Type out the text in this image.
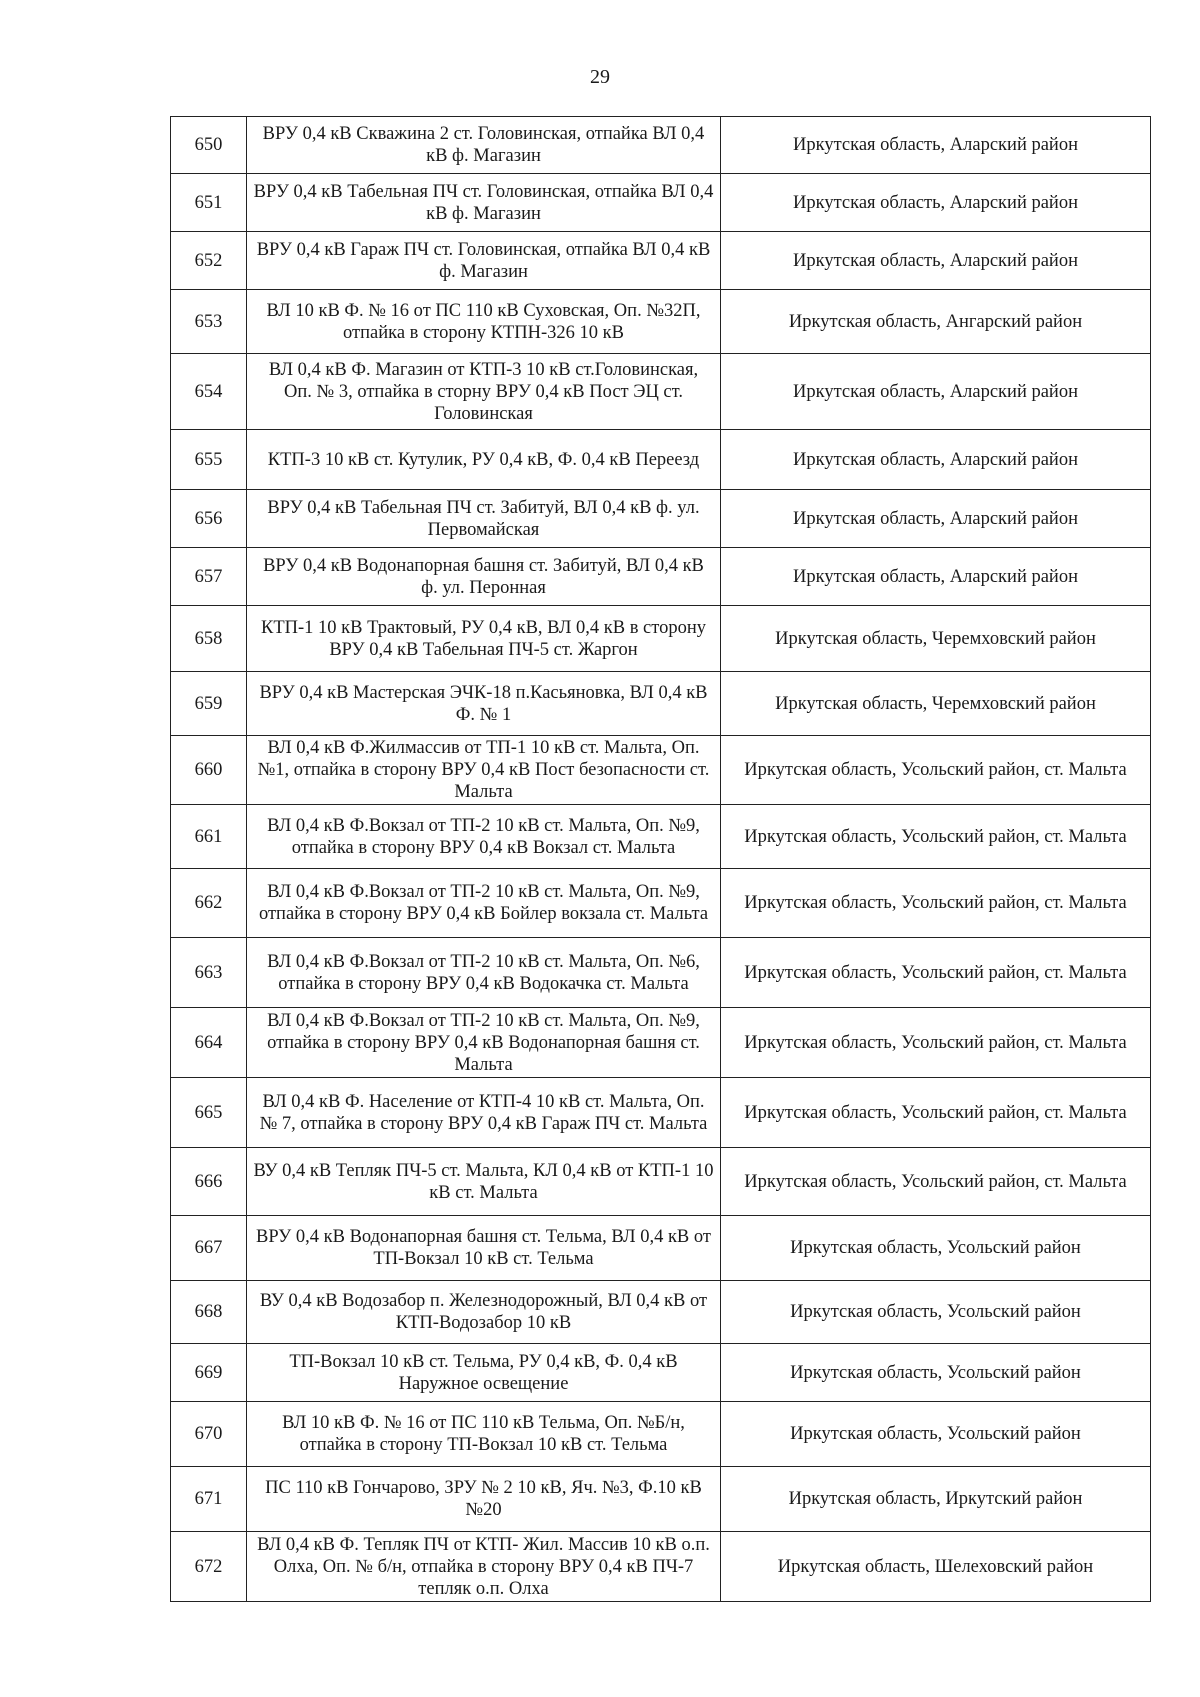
29
650	ВРУ 0,4 кВ Скважина 2 ст. Головинская, отпайка ВЛ 0,4 кВ ф. Магазин	Иркутская область, Аларский район
651	ВРУ 0,4 кВ Табельная ПЧ ст. Головинская, отпайка ВЛ 0,4 кВ ф. Магазин	Иркутская область, Аларский район
652	ВРУ 0,4 кВ Гараж ПЧ ст. Головинская, отпайка ВЛ 0,4 кВ ф. Магазин	Иркутская область, Аларский район
653	ВЛ 10 кВ Ф. № 16 от ПС 110 кВ Суховская, Оп. №32П, отпайка в сторону КТПН-326 10 кВ	Иркутская область, Ангарский район
654	ВЛ 0,4 кВ Ф. Магазин от КТП-3 10 кВ ст.Головинская, Оп. № 3, отпайка в сторну ВРУ 0,4 кВ Пост ЭЦ ст. Головинская	Иркутская область, Аларский район
655	КТП-3 10 кВ ст. Кутулик, РУ 0,4 кВ, Ф. 0,4 кВ Переезд	Иркутская область, Аларский район
656	ВРУ 0,4 кВ Табельная ПЧ ст. Забитуй, ВЛ 0,4 кВ ф. ул. Первомайская	Иркутская область, Аларский район
657	ВРУ 0,4 кВ Водонапорная башня ст. Забитуй, ВЛ 0,4 кВ ф. ул. Перонная	Иркутская область, Аларский район
658	КТП-1 10 кВ Трактовый, РУ 0,4 кВ, ВЛ 0,4 кВ в сторону ВРУ 0,4 кВ Табельная ПЧ-5 ст. Жаргон	Иркутская область, Черемховский район
659	ВРУ 0,4 кВ Мастерская ЭЧК-18 п.Касьяновка, ВЛ 0,4 кВ Ф. № 1	Иркутская область, Черемховский район
660	ВЛ 0,4 кВ Ф.Жилмассив от ТП-1 10 кВ ст. Мальта, Оп. №1, отпайка в сторону ВРУ 0,4 кВ Пост безопасности ст. Мальта	Иркутская область, Усольский район, ст. Мальта
661	ВЛ 0,4 кВ Ф.Вокзал от ТП-2 10 кВ ст. Мальта, Оп. №9, отпайка в сторону ВРУ 0,4 кВ Вокзал ст. Мальта	Иркутская область, Усольский район, ст. Мальта
662	ВЛ 0,4 кВ Ф.Вокзал от ТП-2 10 кВ ст. Мальта, Оп. №9, отпайка в сторону ВРУ 0,4 кВ Бойлер вокзала ст. Мальта	Иркутская область, Усольский район, ст. Мальта
663	ВЛ 0,4 кВ Ф.Вокзал от ТП-2 10 кВ ст. Мальта, Оп. №6, отпайка в сторону ВРУ 0,4 кВ Водокачка ст. Мальта	Иркутская область, Усольский район, ст. Мальта
664	ВЛ 0,4 кВ Ф.Вокзал от ТП-2 10 кВ ст. Мальта, Оп. №9, отпайка в сторону ВРУ 0,4 кВ Водонапорная башня ст. Мальта	Иркутская область, Усольский район, ст. Мальта
665	ВЛ 0,4 кВ Ф. Население от КТП-4 10 кВ ст. Мальта, Оп. № 7, отпайка в сторону ВРУ 0,4 кВ Гараж ПЧ ст. Мальта	Иркутская область, Усольский район, ст. Мальта
666	ВУ 0,4 кВ Тепляк ПЧ-5 ст. Мальта, КЛ 0,4 кВ от КТП-1 10 кВ ст. Мальта	Иркутская область, Усольский район, ст. Мальта
667	ВРУ 0,4 кВ Водонапорная башня ст. Тельма, ВЛ 0,4 кВ от ТП-Вокзал 10 кВ ст. Тельма	Иркутская область, Усольский район
668	ВУ 0,4 кВ Водозабор п. Железнодорожный, ВЛ 0,4 кВ от КТП-Водозабор 10 кВ	Иркутская область, Усольский район
669	ТП-Вокзал 10 кВ ст. Тельма, РУ 0,4 кВ, Ф. 0,4 кВ Наружное освещение	Иркутская область, Усольский район
670	ВЛ 10 кВ Ф. № 16 от ПС 110 кВ Тельма, Оп. №Б/н, отпайка в сторону ТП-Вокзал 10 кВ ст. Тельма	Иркутская область, Усольский район
671	ПС 110 кВ Гончарово, ЗРУ № 2 10 кВ, Яч. №3, Ф.10 кВ №20	Иркутская область, Иркутский район
672	ВЛ 0,4 кВ Ф. Тепляк ПЧ от КТП- Жил. Массив 10 кВ о.п. Олха, Оп. № б/н, отпайка в сторону ВРУ 0,4 кВ ПЧ-7 тепляк о.п. Олха	Иркутская область, Шелеховский район
